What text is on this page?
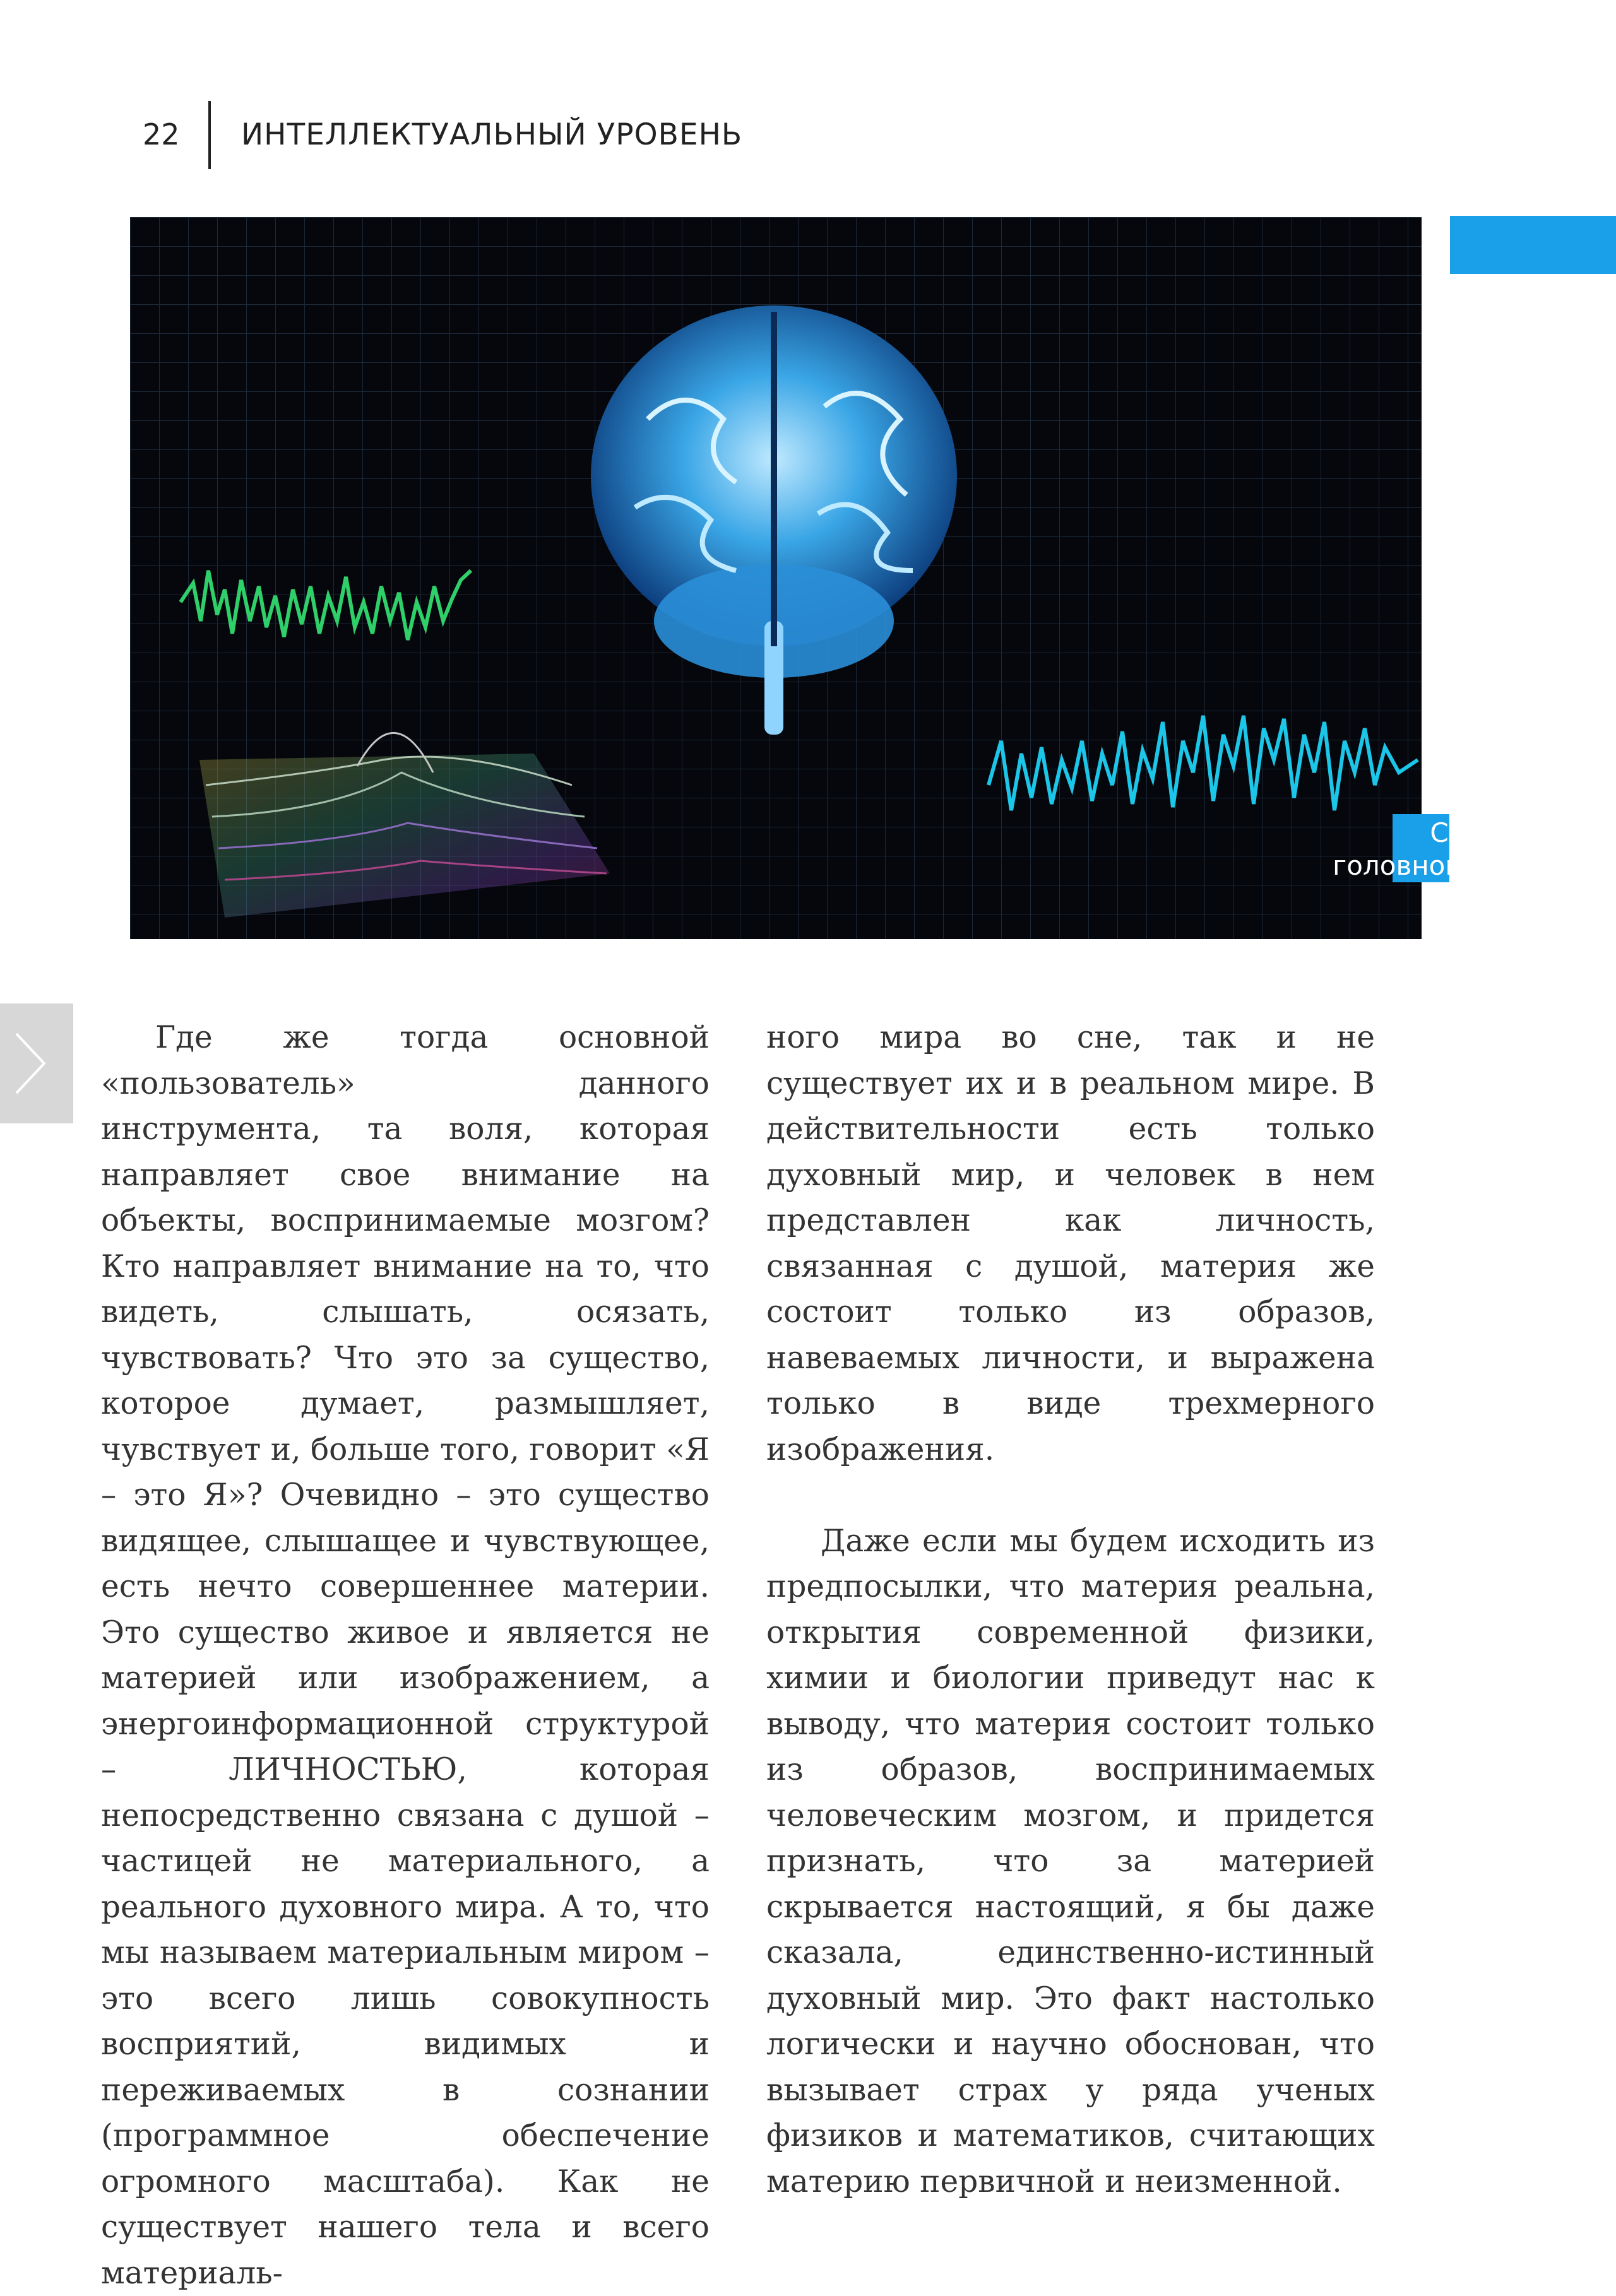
22 ИНТЕЛЛЕКТУАЛЬНЫЙ УРОВЕНЬ
Строение
головного мозга

Где же тогда основной «пользователь» данного инструмента, та воля, которая направляет свое внимание на объекты, воспринимаемые мозгом? Кто направляет внимание на то, что видеть, слышать, осязать, чувствовать? Что это за существо, которое думает, размышляет, чувствует и, больше того, говорит «Я – это Я»? Очевидно – это существо видящее, слышащее и чувствующее, есть нечто совершеннее материи. Это существо живое и является не материей или изображением, а энергоинформационной структурой – ЛИЧНОСТЬЮ, которая непосредственно связана с душой – частицей не материального, а реального духовного мира. А то, что мы называем материальным миром – это всего лишь совокупность восприятий, видимых и переживаемых в сознании (программное обеспечение огромного масштаба). Как не существует нашего тела и всего материаль-

ного мира во сне, так и не существует их и в реальном мире. В действительности есть только духовный мир, и человек в нем представлен как личность, связанная с душой, материя же состоит только из образов, навеваемых личности, и выражена только в виде трехмерного изображения.

Даже если мы будем исходить из предпосылки, что материя реальна, открытия современной физики, химии и биологии приведут нас к выводу, что материя состоит только из образов, воспринимаемых человеческим мозгом, и придется признать, что за материей скрывается настоящий, я бы даже сказала, единственно-истинный духовный мир. Это факт настолько логически и научно обоснован, что вызывает страх у ряда ученых физиков и математиков, считающих материю первичной и неизменной.
